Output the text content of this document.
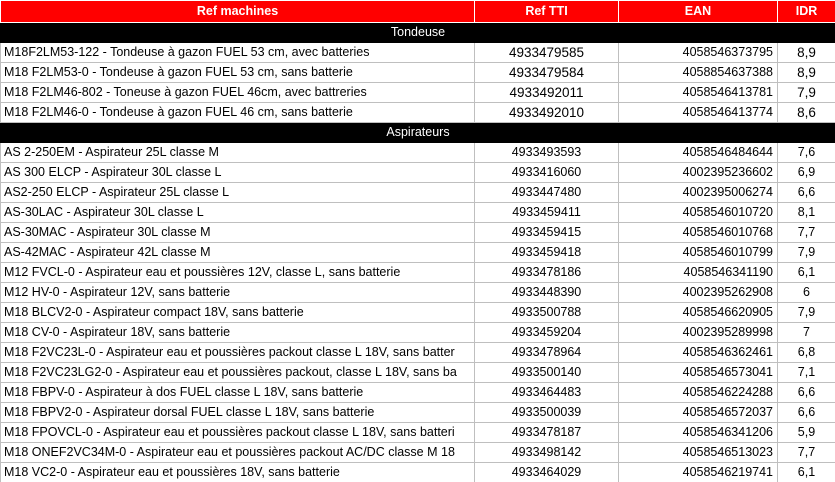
Ref machines	Ref TTI	EAN	IDR
Tondeuse			
M18F2LM53-122 - Tondeuse à gazon FUEL 53 cm, avec batteries	4933479585	4058546373795	8,9
M18 F2LM53-0 - Tondeuse à gazon FUEL 53 cm, sans batterie	4933479584	4058854637388	8,9
M18 F2LM46-802 - Toneuse à gazon FUEL 46cm, avec battreries	4933492011	4058546413781	7,9
M18 F2LM46-0 - Tondeuse à gazon FUEL 46 cm, sans batterie	4933492010	4058546413774	8,6
Aspirateurs			
AS 2-250EM - Aspirateur 25L classe M	4933493593	4058546484644	7,6
AS 300 ELCP - Aspirateur 30L classe L	4933416060	4002395236602	6,9
AS2-250 ELCP - Aspirateur 25L classe L	4933447480	4002395006274	6,6
AS-30LAC - Aspirateur 30L classe L	4933459411	4058546010720	8,1
AS-30MAC - Aspirateur 30L classe M	4933459415	4058546010768	7,7
AS-42MAC - Aspirateur 42L classe M	4933459418	4058546010799	7,9
M12 FVCL-0 - Aspirateur eau et poussières 12V, classe L, sans batterie	4933478186	4058546341190	6,1
M12 HV-0 - Aspirateur 12V, sans batterie	4933448390	4002395262908	6
M18 BLCV2-0 - Aspirateur compact 18V, sans batterie	4933500788	4058546620905	7,9
M18 CV-0 - Aspirateur 18V, sans batterie	4933459204	4002395289998	7
M18 F2VC23L-0 - Aspirateur eau et poussières packout classe L 18V, sans batter	4933478964	4058546362461	6,8
M18 F2VC23LG2-0 - Aspirateur eau et poussières packout, classe L 18V, sans ba	4933500140	4058546573041	7,1
M18 FBPV-0 - Aspirateur à dos FUEL classe L 18V, sans batterie	4933464483	4058546224288	6,6
M18 FBPV2-0 - Aspirateur dorsal FUEL classe L 18V, sans batterie	4933500039	4058546572037	6,6
M18 FPOVCL-0 - Aspirateur eau et poussières packout classe L 18V, sans batteri	4933478187	4058546341206	5,9
M18 ONEF2VC34M-0 - Aspirateur eau et poussières packout AC/DC classe M 18	4933498142	4058546513023	7,7
M18 VC2-0 - Aspirateur eau et poussières 18V, sans batterie	4933464029	4058546219741	6,1
